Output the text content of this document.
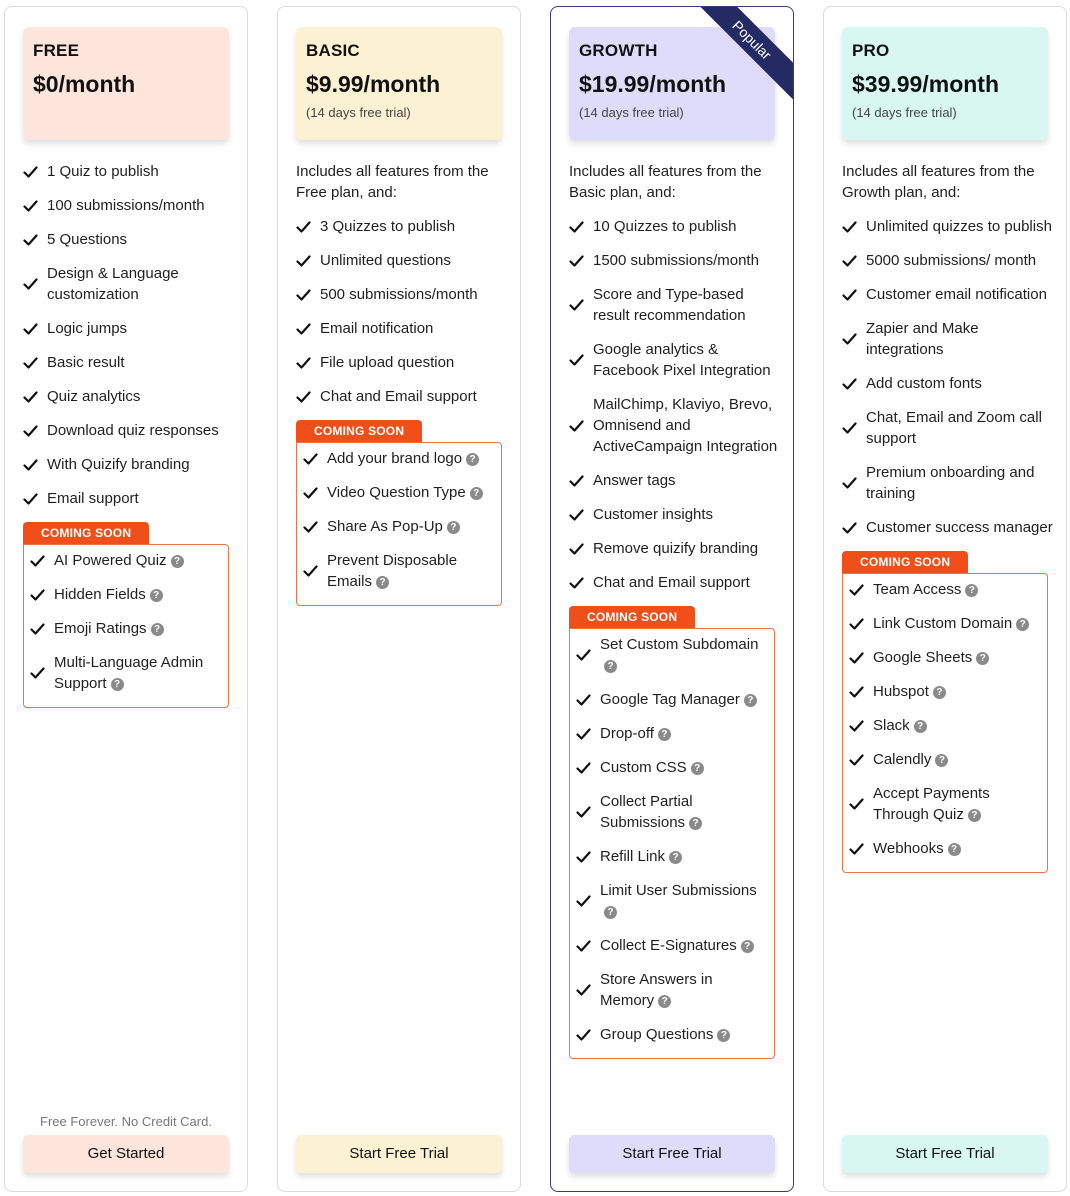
FREE
$0/month
1 Quiz to publish
100 submissions/month
5 Questions
Design & Language customization
Logic jumps
Basic result
Quiz analytics
Download quiz responses
With Quizify branding
Email support
COMING SOON
AI Powered Quiz ?
Hidden Fields ?
Emoji Ratings ?
Multi-Language Admin Support ?
Free Forever. No Credit Card.
Get Started
BASIC
$9.99/month
(14 days free trial)
Includes all features from the Free plan, and:
3 Quizzes to publish
Unlimited questions
500 submissions/month
Email notification
File upload question
Chat and Email support
COMING SOON
Add your brand logo ?
Video Question Type ?
Share As Pop-Up ?
Prevent Disposable Emails ?
Start Free Trial
GROWTH
$19.99/month
(14 days free trial)
Popular
Includes all features from the Basic plan, and:
10 Quizzes to publish
1500 submissions/month
Score and Type-based result recommendation
Google analytics & Facebook Pixel Integration
MailChimp, Klaviyo, Brevo, Omnisend and ActiveCampaign Integration
Answer tags
Customer insights
Remove quizify branding
Chat and Email support
COMING SOON
Set Custom Subdomain?
Google Tag Manager ?
Drop-off ?
Custom CSS ?
Collect Partial Submissions ?
Refill Link ?
Limit User Submissions?
Collect E-Signatures ?
Store Answers in Memory ?
Group Questions ?
Start Free Trial
PRO
$39.99/month
(14 days free trial)
Includes all features from the Growth plan, and:
Unlimited quizzes to publish
5000 submissions/ month
Customer email notification
Zapier and Make integrations
Add custom fonts
Chat, Email and Zoom call support
Premium onboarding and training
Customer success manager
COMING SOON
Team Access ?
Link Custom Domain ?
Google Sheets ?
Hubspot ?
Slack ?
Calendly ?
Accept Payments Through Quiz ?
Webhooks ?
Start Free Trial
